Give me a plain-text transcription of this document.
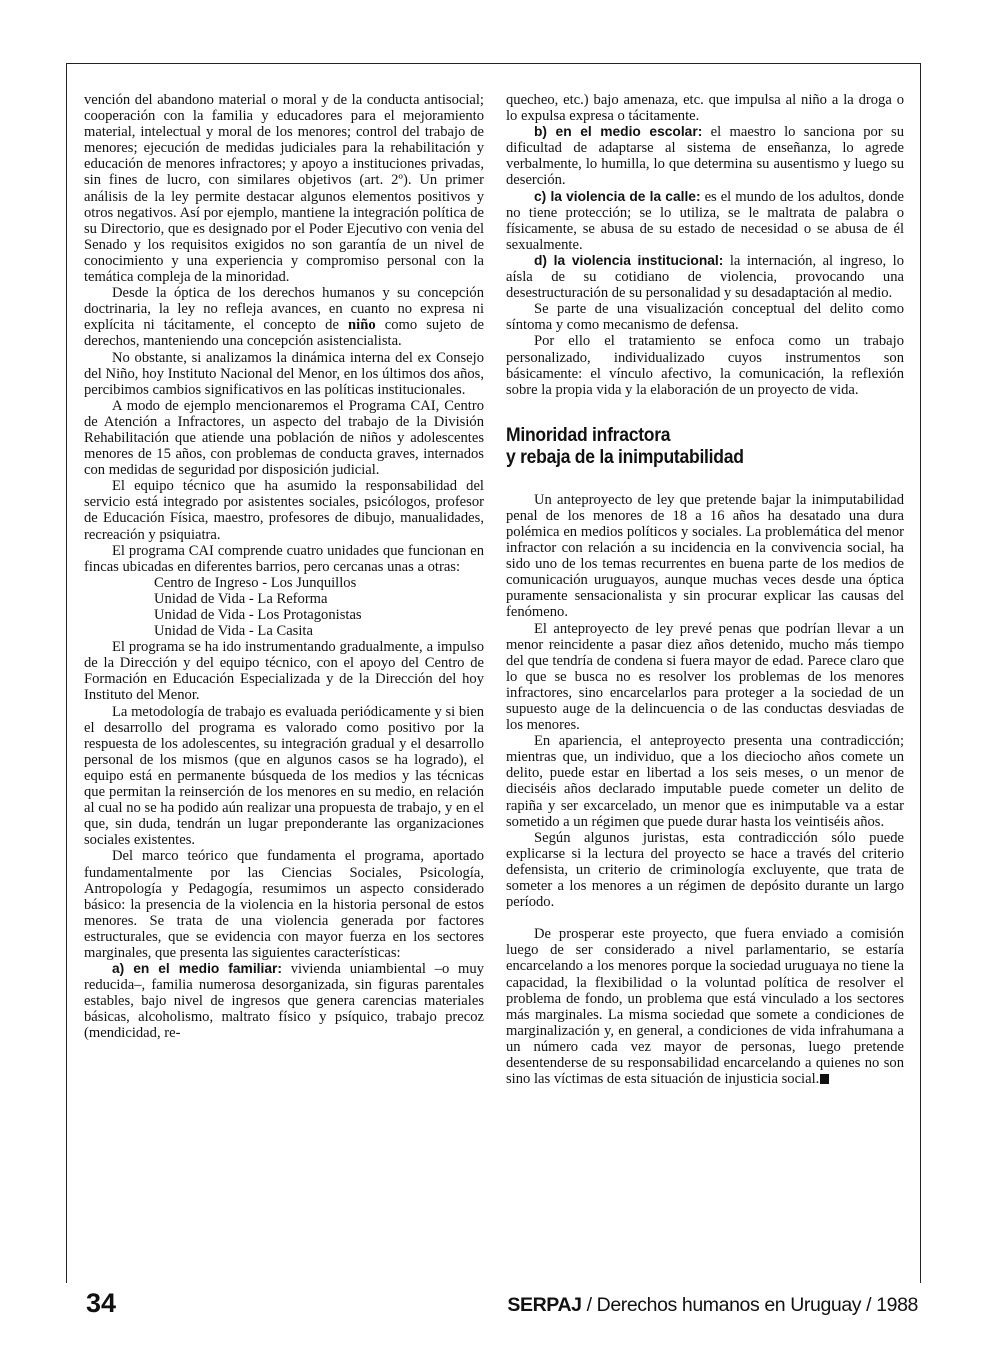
vención del abandono material o moral y de la conducta antisocial; cooperación con la familia y educadores para el mejoramiento material, intelectual y moral de los menores; control del trabajo de menores; ejecución de medidas judiciales para la rehabilitación y educación de menores infractores; y apoyo a instituciones privadas, sin fines de lucro, con similares objetivos (art. 2º). Un primer análisis de la ley permite destacar algunos elementos positivos y otros negativos. Así por ejemplo, mantiene la integración política de su Directorio, que es designado por el Poder Ejecutivo con venia del Senado y los requisitos exigidos no son garantía de un nivel de conocimiento y una experiencia y compromiso personal con la temática compleja de la minoridad.

Desde la óptica de los derechos humanos y su concepción doctrinaria, la ley no refleja avances, en cuanto no expresa ni explícita ni tácitamente, el concepto de niño como sujeto de derechos, manteniendo una concepción asistencialista.

No obstante, si analizamos la dinámica interna del ex Consejo del Niño, hoy Instituto Nacional del Menor, en los últimos dos años, percibimos cambios significativos en las políticas institucionales.

A modo de ejemplo mencionaremos el Programa CAI, Centro de Atención a Infractores, un aspecto del trabajo de la División Rehabilitación que atiende una población de niños y adolescentes menores de 15 años, con problemas de conducta graves, internados con medidas de seguridad por disposición judicial.

El equipo técnico que ha asumido la responsabilidad del servicio está integrado por asistentes sociales, psicólogos, profesor de Educación Física, maestro, profesores de dibujo, manualidades, recreación y psiquiatra.

El programa CAI comprende cuatro unidades que funcionan en fincas ubicadas en diferentes barrios, pero cercanas unas a otras:

Centro de Ingreso - Los Junquillos
Unidad de Vida - La Reforma
Unidad de Vida - Los Protagonistas
Unidad de Vida - La Casita

El programa se ha ido instrumentando gradualmente, a impulso de la Dirección y del equipo técnico, con el apoyo del Centro de Formación en Educación Especializada y de la Dirección del hoy Instituto del Menor.

La metodología de trabajo es evaluada periódicamente y si bien el desarrollo del programa es valorado como positivo por la respuesta de los adolescentes, su integración gradual y el desarrollo personal de los mismos (que en algunos casos se ha logrado), el equipo está en permanente búsqueda de los medios y las técnicas que permitan la reinserción de los menores en su medio, en relación al cual no se ha podido aún realizar una propuesta de trabajo, y en el que, sin duda, tendrán un lugar preponderante las organizaciones sociales existentes.

Del marco teórico que fundamenta el programa, aportado fundamentalmente por las Ciencias Sociales, Psicología, Antropología y Pedagogía, resumimos un aspecto considerado básico: la presencia de la violencia en la historia personal de estos menores. Se trata de una violencia generada por factores estructurales, que se evidencia con mayor fuerza en los sectores marginales, que presenta las siguientes características:

a) en el medio familiar: vivienda uniambiental –o muy reducida–, familia numerosa desorganizada, sin figuras parentales estables, bajo nivel de ingresos que genera carencias materiales básicas, alcoholismo, maltrato físico y psíquico, trabajo precoz (mendicidad, re-

quecheo, etc.) bajo amenaza, etc. que impulsa al niño a la droga o lo expulsa expresa o tácitamente.

b) en el medio escolar: el maestro lo sanciona por su dificultad de adaptarse al sistema de enseñanza, lo agrede verbalmente, lo humilla, lo que determina su ausentismo y luego su deserción.

c) la violencia de la calle: es el mundo de los adultos, donde no tiene protección; se lo utiliza, se le maltrata de palabra o físicamente, se abusa de su estado de necesidad o se abusa de él sexualmente.

d) la violencia institucional: la internación, al ingreso, lo aísla de su cotidiano de violencia, provocando una desestructuración de su personalidad y su desadaptación al medio.

Se parte de una visualización conceptual del delito como síntoma y como mecanismo de defensa.

Por ello el tratamiento se enfoca como un trabajo personalizado, individualizado cuyos instrumentos son básicamente: el vínculo afectivo, la comunicación, la reflexión sobre la propia vida y la elaboración de un proyecto de vida.

Minoridad infractora
y rebaja de la inimputabilidad

Un anteproyecto de ley que pretende bajar la inimputabilidad penal de los menores de 18 a 16 años ha desatado una dura polémica en medios políticos y sociales. La problemática del menor infractor con relación a su incidencia en la convivencia social, ha sido uno de los temas recurrentes en buena parte de los medios de comunicación uruguayos, aunque muchas veces desde una óptica puramente sensacionalista y sin procurar explicar las causas del fenómeno.

El anteproyecto de ley prevé penas que podrían llevar a un menor reincidente a pasar diez años detenido, mucho más tiempo del que tendría de condena si fuera mayor de edad. Parece claro que lo que se busca no es resolver los problemas de los menores infractores, sino encarcelarlos para proteger a la sociedad de un supuesto auge de la delincuencia o de las conductas desviadas de los menores.

En apariencia, el anteproyecto presenta una contradicción; mientras que, un individuo, que a los dieciocho años comete un delito, puede estar en libertad a los seis meses, o un menor de dieciséis años declarado imputable puede cometer un delito de rapiña y ser excarcelado, un menor que es inimputable va a estar sometido a un régimen que puede durar hasta los veintiséis años.

Según algunos juristas, esta contradicción sólo puede explicarse si la lectura del proyecto se hace a través del criterio defensista, un criterio de criminología excluyente, que trata de someter a los menores a un régimen de depósito durante un largo período.

De prosperar este proyecto, que fuera enviado a comisión luego de ser considerado a nivel parlamentario, se estaría encarcelando a los menores porque la sociedad uruguaya no tiene la capacidad, la flexibilidad o la voluntad política de resolver el problema de fondo, un problema que está vinculado a los sectores más marginales. La misma sociedad que somete a condiciones de marginalización y, en general, a condiciones de vida infrahumana a un número cada vez mayor de personas, luego pretende desentenderse de su responsabilidad encarcelando a quienes no son sino las víctimas de esta situación de injusticia social.

34	SERPAJ / Derechos humanos en Uruguay / 1988
